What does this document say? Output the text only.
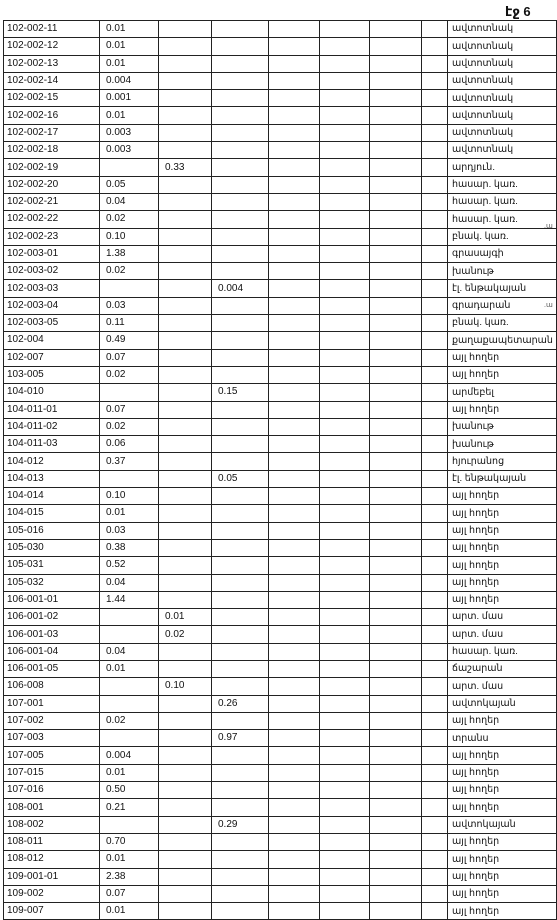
էջ 6
102-002-11	0.01							ավտոտնակ
102-002-12	0.01							ավտոտնակ
102-002-13	0.01							ավտոտնակ
102-002-14	0.004							ավտոտնակ
102-002-15	0.001							ավտոտնակ
102-002-16	0.01							ավտոտնակ
102-002-17	0.003							ավտոտնակ
102-002-18	0.003							ավտոտնակ
102-002-19		0.33						արդյուն.
102-002-20	0.05							հասար. կառ.
102-002-21	0.04							հասար. կառ.
102-002-22	0.02							հասար. կառ.
102-002-23	0.10							բնակ. կառ.
102-003-01	1.38							գրասայգի
102-003-02	0.02							խանութ
102-003-03			0.004					էլ. ենթակայան
102-003-04	0.03							գրադարան
102-003-05	0.11							բնակ. կառ.
102-004	0.49							քաղաքապետարան
102-007	0.07							այլ հողեր
103-005	0.02							այլ հողեր
104-010			0.15					արմեբել
104-011-01	0.07							այլ հողեր
104-011-02	0.02							խանութ
104-011-03	0.06							խանութ
104-012	0.37							հյուրանոց
104-013			0.05					էլ. ենթակայան
104-014	0.10							այլ հողեր
104-015	0.01							այլ հողեր
105-016	0.03							այլ հողեր
105-030	0.38							այլ հողեր
105-031	0.52							այլ հողեր
105-032	0.04							այլ հողեր
106-001-01	1.44							այլ հողեր
106-001-02		0.01						արտ. մաս
106-001-03		0.02						արտ. մաս
106-001-04	0.04							հասար. կառ.
106-001-05	0.01							ճաշարան
106-008		0.10						արտ. մաս
107-001			0.26					ավտոկայան
107-002	0.02							այլ հողեր
107-003			0.97					տրանս
107-005	0.004							այլ հողեր
107-015	0.01							այլ հողեր
107-016	0.50							այլ հողեր
108-001	0.21							այլ հողեր
108-002			0.29					ավտոկայան
108-011	0.70							այլ հողեր
108-012	0.01							այլ հողեր
109-001-01	2.38							այլ հողեր
109-002	0.07							այլ հողեր
109-007	0.01							այլ հողեր
.ա
.ա
